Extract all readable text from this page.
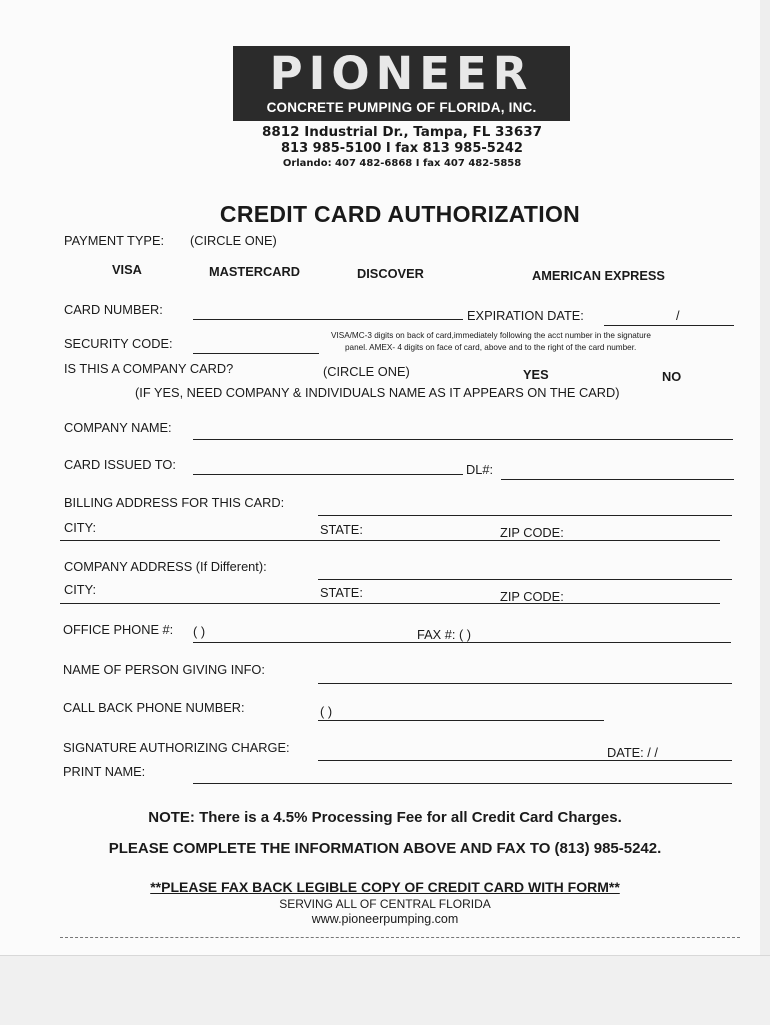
PIONEER
CONCRETE PUMPING OF FLORIDA, INC.
8812 Industrial Dr., Tampa, FL 33637
813 985-5100 I fax 813 985-5242
Orlando: 407 482-6868 I fax 407 482-5858
CREDIT CARD AUTHORIZATION
PAYMENT TYPE: (CIRCLE ONE)
VISA	MASTERCARD	DISCOVER	AMERICAN EXPRESS
CARD NUMBER:	EXPIRATION DATE:	/
SECURITY CODE:
VISA/MC-3 digits on back of card,immediately following the acct number in the signature
panel. AMEX- 4 digits on face of card, above and to the right of the card number.
IS THIS A COMPANY CARD?	(CIRCLE ONE)	YES	NO
(IF YES, NEED COMPANY & INDIVIDUALS NAME AS IT APPEARS ON THE CARD)
COMPANY NAME:
CARD ISSUED TO:	DL#:
BILLING ADDRESS FOR THIS CARD:
CITY:	STATE:	ZIP CODE:
COMPANY ADDRESS (If Different):
CITY:	STATE:	ZIP CODE:
OFFICE PHONE #: ( )	FAX #: ( )
NAME OF PERSON GIVING INFO:
CALL BACK PHONE NUMBER:	( )
SIGNATURE AUTHORIZING CHARGE:	DATE: / /
PRINT NAME:
NOTE: There is a 4.5% Processing Fee for all Credit Card Charges.
PLEASE COMPLETE THE INFORMATION ABOVE AND FAX TO (813) 985-5242.
**PLEASE FAX BACK LEGIBLE COPY OF CREDIT CARD WITH FORM**
SERVING ALL OF CENTRAL FLORIDA
www.pioneerpumping.com
